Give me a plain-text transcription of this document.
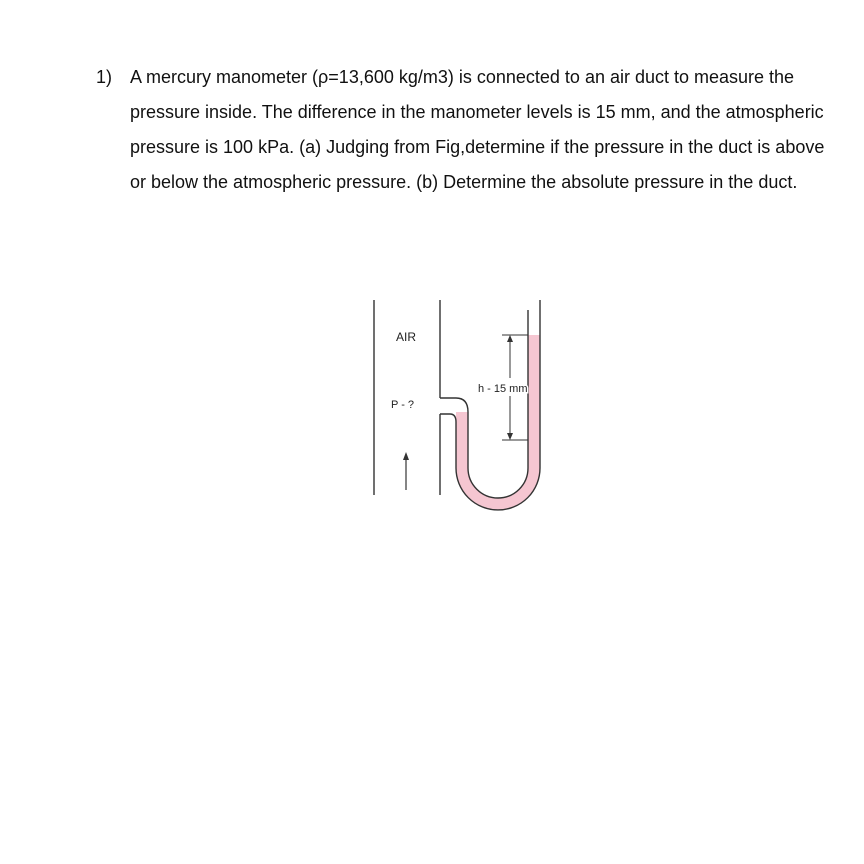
1) A mercury manometer (ρ=13,600 kg/m3) is connected to an air duct to measure the pressure inside. The difference in the manometer levels is 15 mm, and the atmospheric pressure is 100 kPa. (a) Judging from Fig,determine if the pressure in the duct is above or below the atmospheric pressure. (b) Determine the absolute pressure in the duct.
AIR
P - ?
h - 15 mm
